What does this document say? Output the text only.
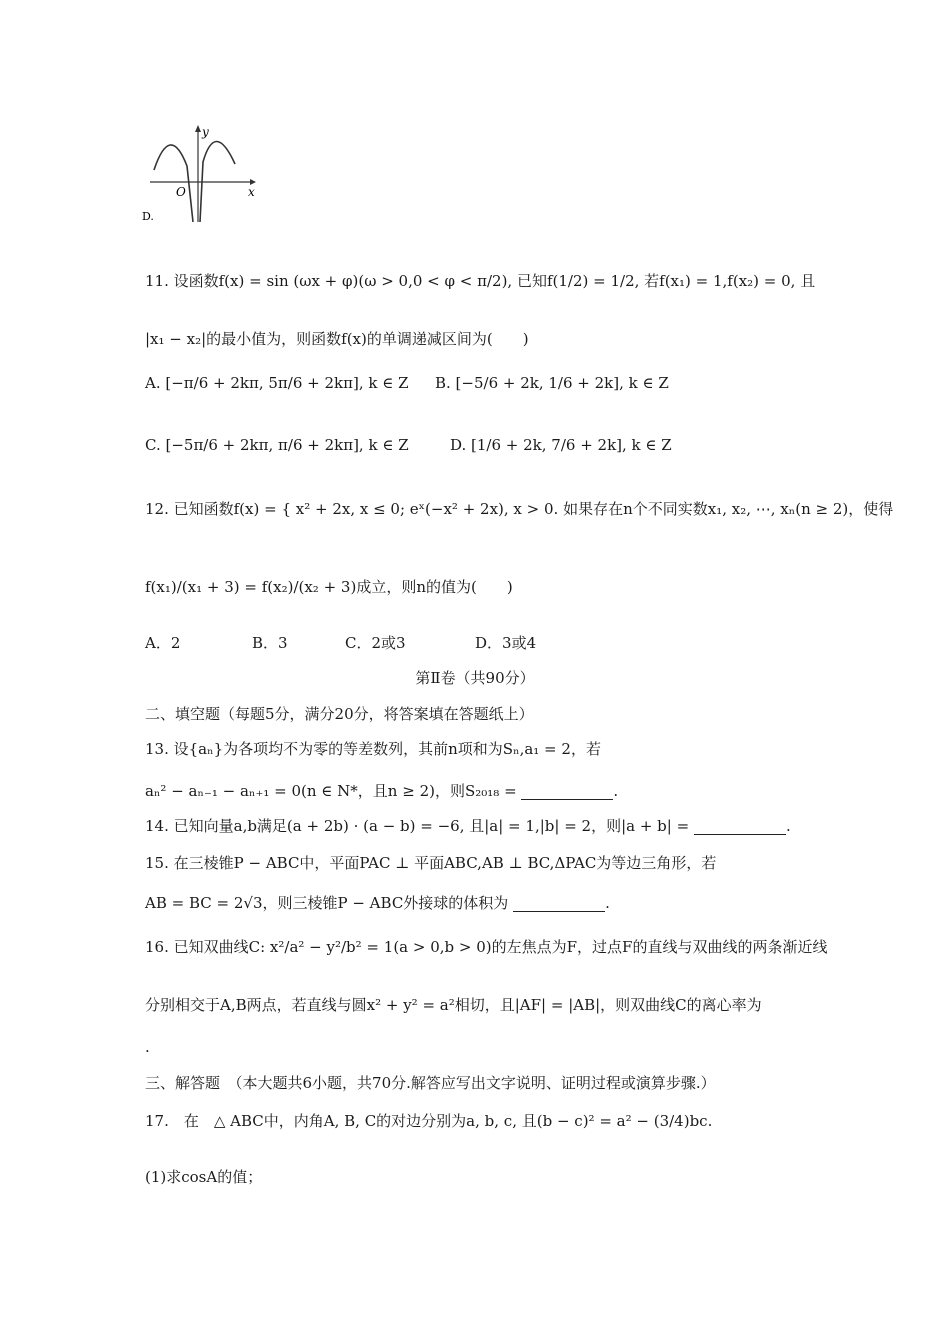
y
x
O
D.
11. 设函数f(x) = sin (ωx + φ)(ω > 0,0 < φ < π/2), 已知f(1/2) = 1/2, 若f(x₁) = 1,f(x₂) = 0, 且
|x₁ − x₂|的最小值为，则函数f(x)的单调递减区间为(　　)
A. [−π/6 + 2kπ, 5π/6 + 2kπ], k ∈ Z B. [−5/6 + 2k, 1/6 + 2k], k ∈ Z
C. [−5π/6 + 2kπ, π/6 + 2kπ], k ∈ Z	D. [1/6 + 2k, 7/6 + 2k], k ∈ Z
12. 已知函数f(x) = { x² + 2x, x ≤ 0; eˣ(−x² + 2x), x > 0. 如果存在n个不同实数x₁, x₂, ⋯, xₙ(n ≥ 2)，使得
f(x₁)/(x₁ + 3) = f(x₂)/(x₂ + 3)成立，则n的值为(　　)
A．2	B．3	C．2或3	D．3或4
第Ⅱ卷（共90分）
二、填空题（每题5分，满分20分，将答案填在答题纸上）
13. 设{aₙ}为各项均不为零的等差数列，其前n项和为Sₙ,a₁ = 2，若
aₙ² − aₙ₋₁ − aₙ₊₁ = 0(n ∈ N*，且n ≥ 2)，则S₂₀₁₈ =	.
14. 已知向量a,b满足(a + 2b) · (a − b) = −6, 且|a| = 1,|b| = 2，则|a + b| =	.
15. 在三棱锥P − ABC中，平面PAC ⊥ 平面ABC,AB ⊥ BC,ΔPAC为等边三角形，若
AB = BC = 2√3，则三棱锥P − ABC外接球的体积为	.
16. 已知双曲线C: x²/a² − y²/b² = 1(a > 0,b > 0)的左焦点为F，过点F的直线与双曲线的两条渐近线
分别相交于A,B两点，若直线与圆x² + y² = a²相切，且|AF| = |AB|，则双曲线C的离心率为
.
三、解答题　（本大题共6小题，共70分.解答应写出文字说明、证明过程或演算步骤.）
17.　在　△ ABC中，内角A, B, C的对边分别为a, b, c, 且(b − c)² = a² − (3/4)bc.
(1)求cosA的值；
